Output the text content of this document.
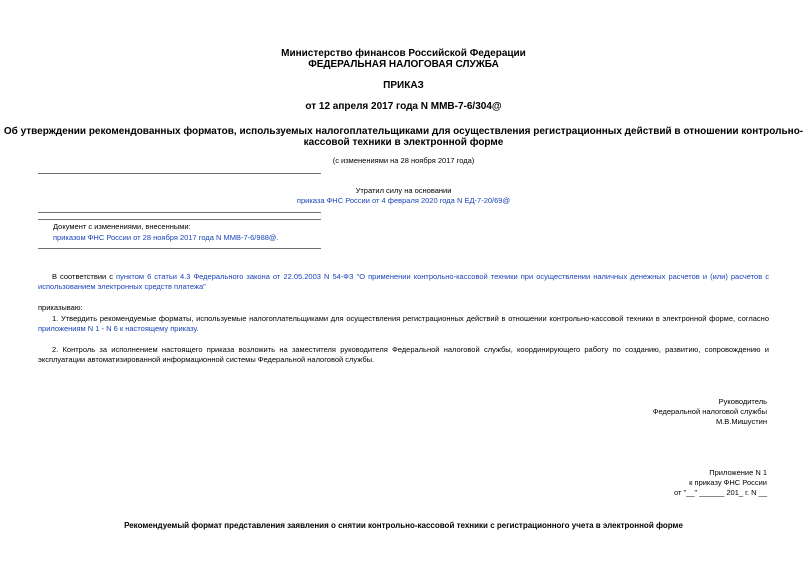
Министерство финансов Российской Федерации
ФЕДЕРАЛЬНАЯ НАЛОГОВАЯ СЛУЖБА
ПРИКАЗ
от 12 апреля 2017 года N ММВ-7-6/304@
Об утверждении рекомендованных форматов, используемых налогоплательщиками для осуществления регистрационных действий в отношении контрольно-
кассовой техники в электронной форме
(с изменениями на 28 ноября 2017 года)
Утратил силу на основании
приказа ФНС России от 4 февраля 2020 года N ЕД-7-20/69@
Документ с изменениями, внесенными:
приказом ФНС России от 28 ноября 2017 года N ММВ-7-6/988@.
В соответствии с пунктом 6 статьи 4.3 Федерального закона от 22.05.2003 N 54-ФЗ "О применении контрольно-кассовой техники при осуществлении наличных денежных расчетов и (или) расчетов с использованием электронных средств платежа"
приказываю:
1. Утвердить рекомендуемые форматы, используемые налогоплательщиками для осуществления регистрационных действий в отношении контрольно-кассовой техники в электронной форме, согласно приложениям N 1 - N 6 к настоящему приказу.
2. Контроль за исполнением настоящего приказа возложить на заместителя руководителя Федеральной налоговой службы, координирующего работу по созданию, развитию, сопровождению и эксплуатации автоматизированной информационной системы Федеральной налоговой службы.
Руководитель
Федеральной налоговой службы
М.В.Мишустин
Приложение N 1
к приказу ФНС России
от "__" ______ 201_ г. N __
Рекомендуемый формат представления заявления о снятии контрольно-кассовой техники с регистрационного учета в электронной форме
